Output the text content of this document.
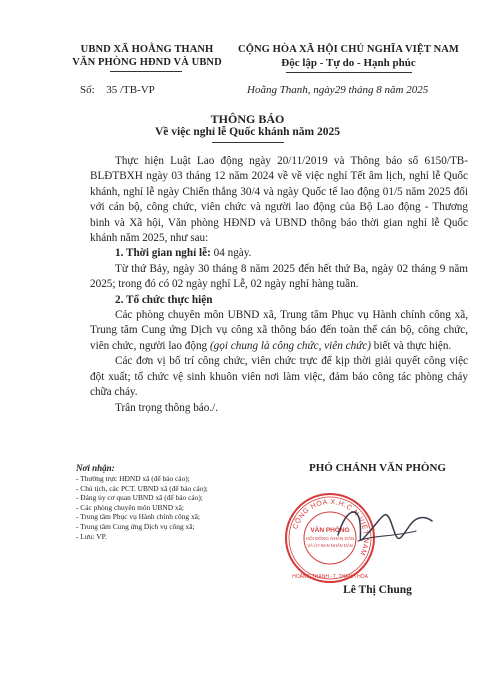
UBND XÃ HOẰNG THANH
VĂN PHÒNG HĐND VÀ UBND
Số: 35 /TB-VP
CỘNG HÒA XÃ HỘI CHỦ NGHĨA VIỆT NAM
Độc lập - Tự do - Hạnh phúc
Hoằng Thanh, ngày29 tháng 8 năm 2025
THÔNG BÁO
Về việc nghỉ lễ Quốc khánh năm 2025

Thực hiện Luật Lao động ngày 20/11/2019 và Thông báo số 6150/TB-BLĐTBXH ngày 03 tháng 12 năm 2024 về về việc nghỉ Tết âm lịch, nghỉ lễ Quốc khánh, nghỉ lễ ngày Chiến thắng 30/4 và ngày Quốc tế lao động 01/5 năm 2025 đối với cán bộ, công chức, viên chức và người lao động của Bộ Lao động - Thương binh và Xã hội, Văn phòng HĐND và UBND thông báo thời gian nghỉ lễ Quốc khánh năm 2025, như sau:

1. Thời gian nghỉ lễ: 04 ngày.

Từ thứ Bảy, ngày 30 tháng 8 năm 2025 đến hết thứ Ba, ngày 02 tháng 9 năm 2025; trong đó có 02 ngày nghỉ Lễ, 02 ngày nghỉ hàng tuần.

2. Tổ chức thực hiện

Các phòng chuyên môn UBND xã, Trung tâm Phục vụ Hành chính công xã, Trung tâm Cung ứng Dịch vụ công xã thông báo đến toàn thể cán bộ, công chức, viên chức, người lao động (gọi chung là công chức, viên chức) biết và thực hiện.

Các đơn vị bố trí công chức, viên chức trực để kịp thời giải quyết công việc đột xuất; tổ chức vệ sinh khuôn viên nơi làm việc, đảm bảo công tác phòng cháy chữa cháy.

Trân trọng thông báo./.

Nơi nhận:
- Thường trực HĐND xã (để báo cáo);
- Chủ tịch, các PCT. UBND xã (để báo cáo);
- Đảng ủy cơ quan UBND xã (để báo cáo);
- Các phòng chuyên môn UBND xã;
- Trung tâm Phục vụ Hành chính công xã;
- Trung tâm Cung ứng Dịch vụ công xã;
- Lưu: VP.
PHÓ CHÁNH VĂN PHÒNG
CỘNG HÒA X.H.C.N VIỆT NAM
VĂN PHÒNG
HỘI ĐỒNG NHÂN DÂN
VÀ ỦY BAN NHÂN DÂN
HOẰNG THANH - T. THANH HÓA
Lê Thị Chung
